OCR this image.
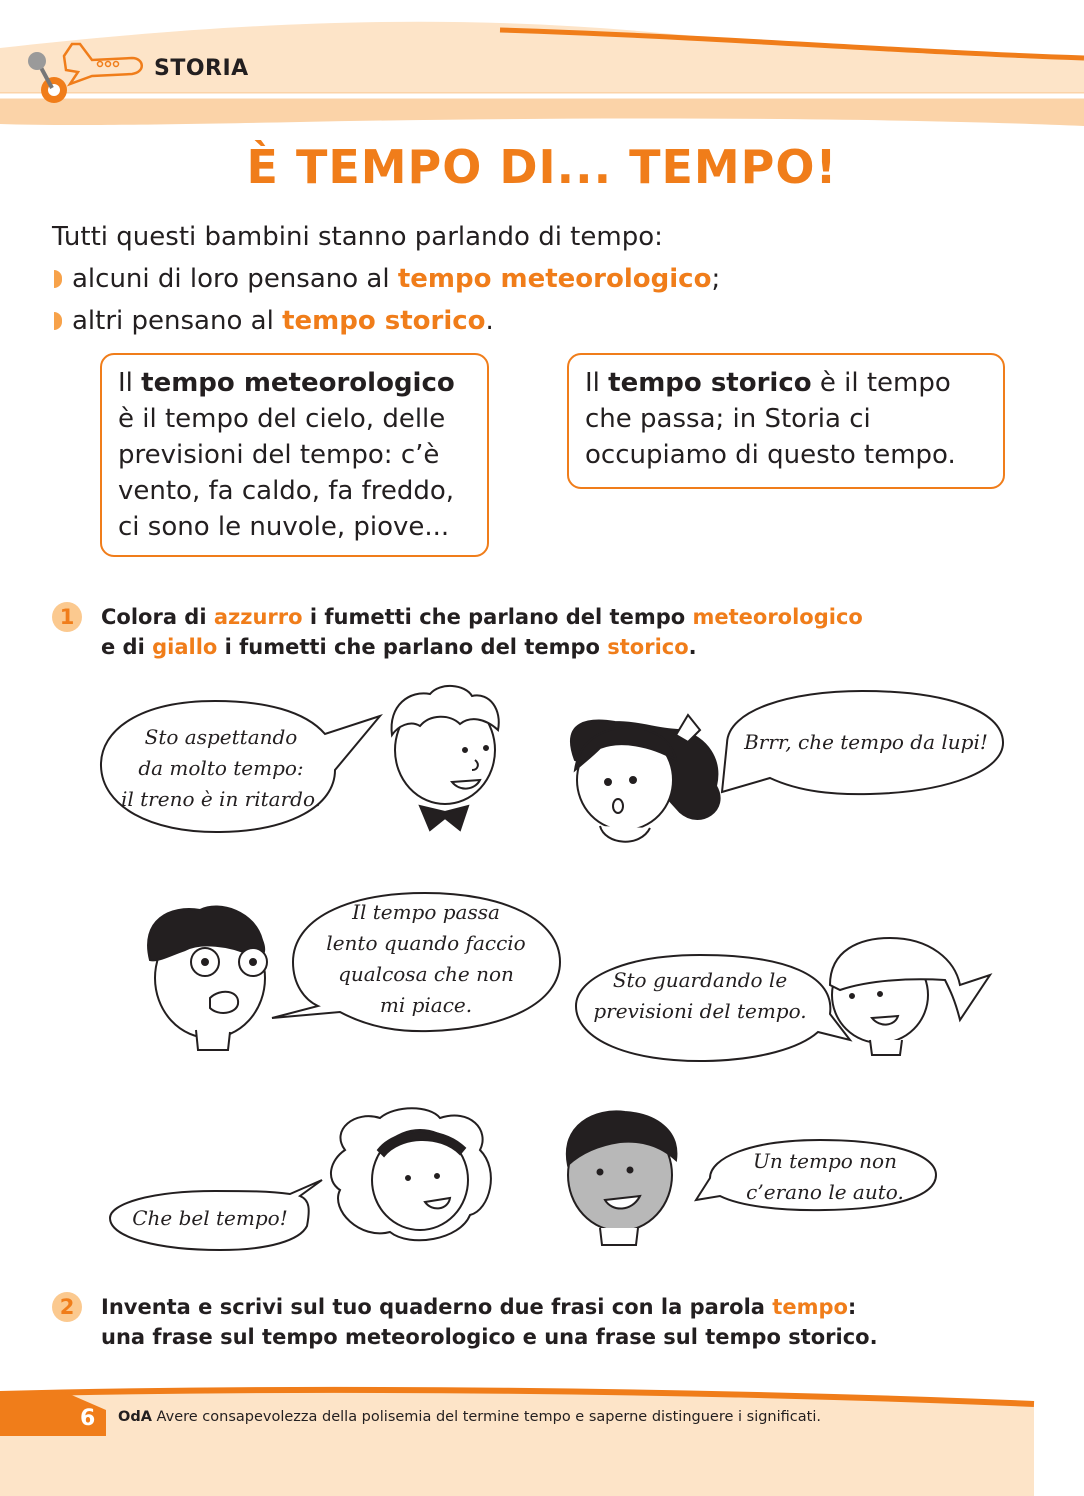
STORIA
È TEMPO DI... TEMPO!
Tutti questi bambini stanno parlando di tempo:
alcuni di loro pensano al tempo meteorologico;
altri pensano al tempo storico.
Il tempo meteorologico
è il tempo del cielo, delle
previsioni del tempo: c’è
vento, fa caldo, fa freddo,
ci sono le nuvole, piove...
Il tempo storico è il tempo
che passa; in Storia ci
occupiamo di questo tempo.
1	Colora di azzurro i fumetti che parlano del tempo meteorologico
e di giallo i fumetti che parlano del tempo storico.
Sto aspettando
da molto tempo:
il treno è in ritardo.
Brrr, che tempo da lupi!
Il tempo passa
lento quando faccio
qualcosa che non
mi piace.
Sto guardando le
previsioni del tempo.
Che bel tempo!
Un tempo non
c’erano le auto.
2	Inventa e scrivi sul tuo quaderno due frasi con la parola tempo:
una frase sul tempo meteorologico e una frase sul tempo storico.
6 OdA Avere consapevolezza della polisemia del termine tempo e saperne distinguere i significati.
